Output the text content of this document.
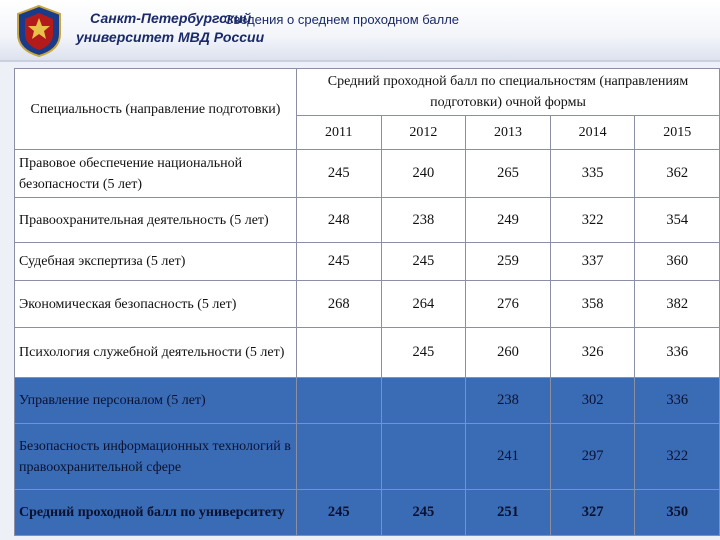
Санкт-Петербургский
университет МВД России
Сведения о среднем проходном балле
Специальность (направление подготовки)	Средний проходной балл по специальностям (направлениям подготовки) очной формы				
	2011	2012	2013	2014	2015
Правовое обеспечение национальной безопасности (5 лет)	245	240	265	335	362
Правоохранительная деятельность (5 лет)	248	238	249	322	354
Судебная экспертиза (5 лет)	245	245	259	337	360
Экономическая безопасность (5 лет)	268	264	276	358	382
Психология служебной деятельности (5 лет)		245	260	326	336
Управление персоналом (5 лет)			238	302	336
Безопасность информационных технологий в правоохранительной сфере			241	297	322
Средний проходной балл по университету	245	245	251	327	350
